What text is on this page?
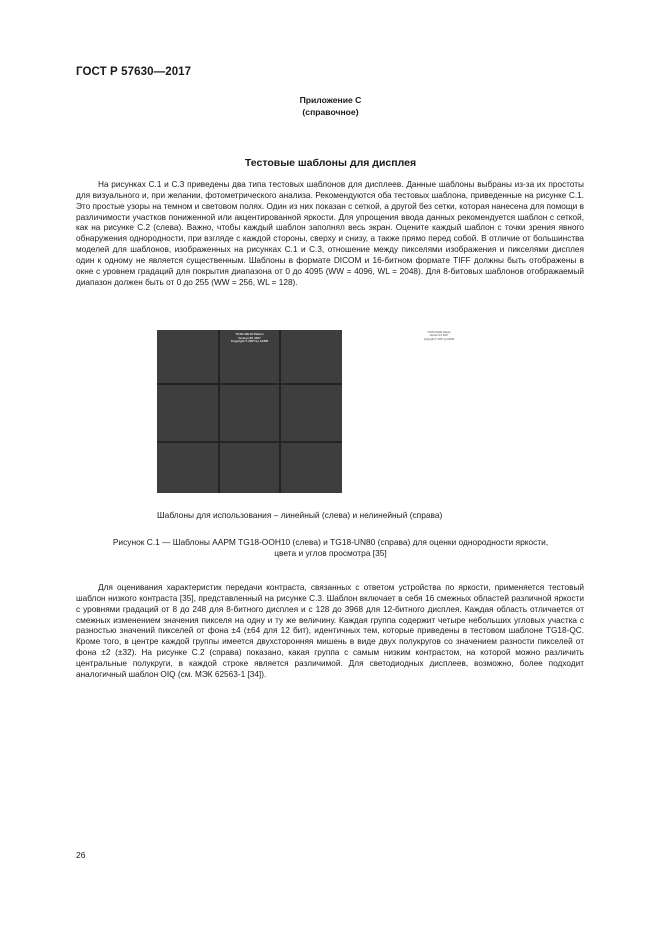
ГОСТ Р 57630—2017
Приложение С
(справочное)
Тестовые шаблоны для дисплея

На рисунках С.1 и С.3 приведены два типа тестовых шаблонов для дисплеев. Данные шаблоны выбраны из-за их простоты для визуального и, при желании, фотометрического анализа. Рекомендуются оба тестовых шаблона, приведенные на рисунке С.1. Это простые узоры на темном и световом полях. Один из них показан с сеткой, а другой без сетки, которая нанесена для помощи в различимости участков пониженной или акцентированной яркости. Для упрощения ввода данных рекомендуется шаблон с сеткой, как на рисунке С.2 (слева). Важно, чтобы каждый шаблон заполнял весь экран. Оцените каждый шаблон с точки зрения явного обнаружения однородности, при взгляде с каждой стороны, сверху и снизу, а также прямо перед собой. В отличие от большинства моделей для шаблонов, изображенных на рисунках С.1 и С.3, отношение между пикселями изображения и пикселями дисплея один к одному не является существенным. Шаблоны в формате DICOM и 16-битном формате TIFF должны быть отображены в окне с уровнем градаций для покрытия диапазона от 0 до 4095 (WW = 4096, WL = 2048). Для 8-битовых шаблонов отображаемый диапазон должен быть от 0 до 255 (WW = 256, WL = 128).

TG18-UNL10 Pattern
Version 8/1 2007
Copyright © 2007 by AAPM
TG18-UNL80 Pattern
Version 8/1 2007
Copyright © 2007 by AAPM
Шаблоны для использования – линейный (слева) и нелинейный (справа)
Рисунок С.1 — Шаблоны AAPM TG18-OOH10 (слева) и TG18-UN80 (справа) для оценки однородности яркости,
цвета и углов просмотра [35]

Для оценивания характеристик передачи контраста, связанных с ответом устройства по яркости, применяется тестовый шаблон низкого контраста [35], представленный на рисунке С.3. Шаблон включает в себя 16 смежных областей различной яркости с уровнями градаций от 8 до 248 для 8-битного дисплея и с 128 до 3968 для 12-битного дисплея. Каждая область отличается от смежных изменением значения пикселя на одну и ту же величину. Каждая группа содержит четыре небольших угловых участка с разностью значений пикселей от фона ±4 (±64 для 12 бит), идентичных тем, которые приведены в тестовом шаблоне TG18-QC. Кроме того, в центре каждой группы имеется двухсторонняя мишень в виде двух полукругов со значением разности пикселей от фона ±2 (±32). На рисунке С.2 (справа) показано, какая группа с самым низким контрастом, на которой можно различить центральные полукруги, в каждой строке является различимой. Для светодиодных дисплеев, возможно, более подходит аналогичный шаблон OIQ (см. МЭК 62563-1 [34]).

26
